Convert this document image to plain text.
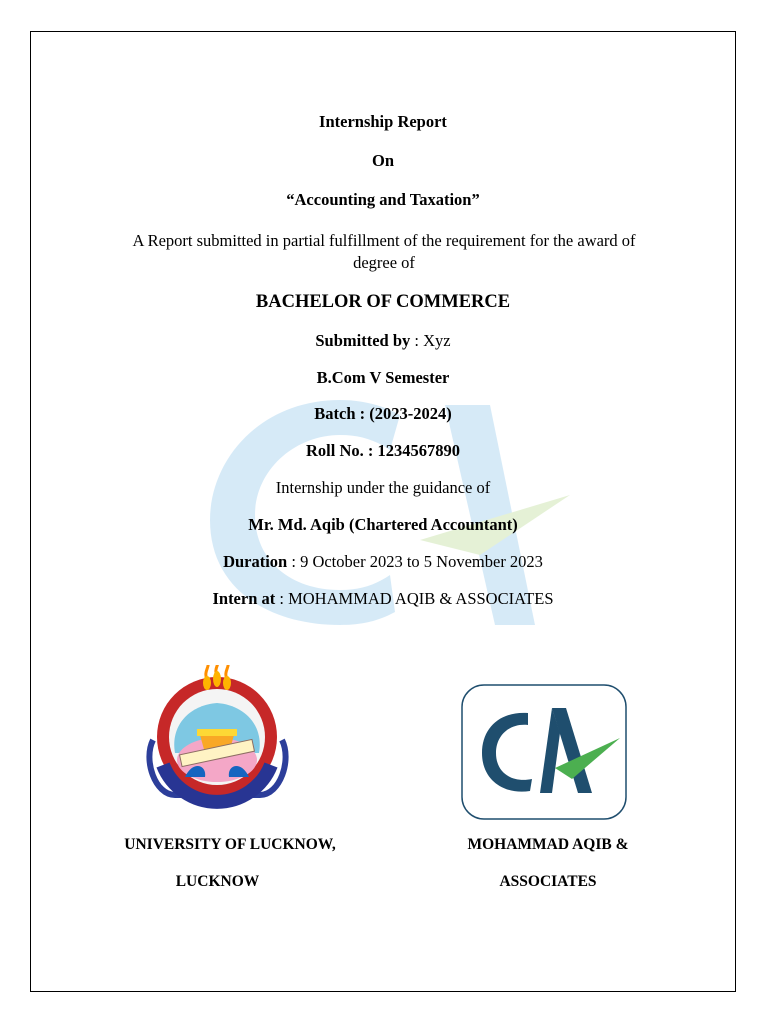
Internship Report
On
“Accounting and Taxation”
A Report submitted in partial fulfillment of the requirement for the award of degree of
BACHELOR OF COMMERCE
Submitted by : Xyz
B.Com V Semester
Batch : (2023-2024)
Roll No. : 1234567890
Internship under the guidance of
Mr. Md. Aqib (Chartered Accountant)
Duration : 9 October 2023 to 5 November 2023
Intern at : MOHAMMAD AQIB & ASSOCIATES
UNIVERSITY OF LUCKNOW,
LUCKNOW
MOHAMMAD AQIB &
ASSOCIATES
